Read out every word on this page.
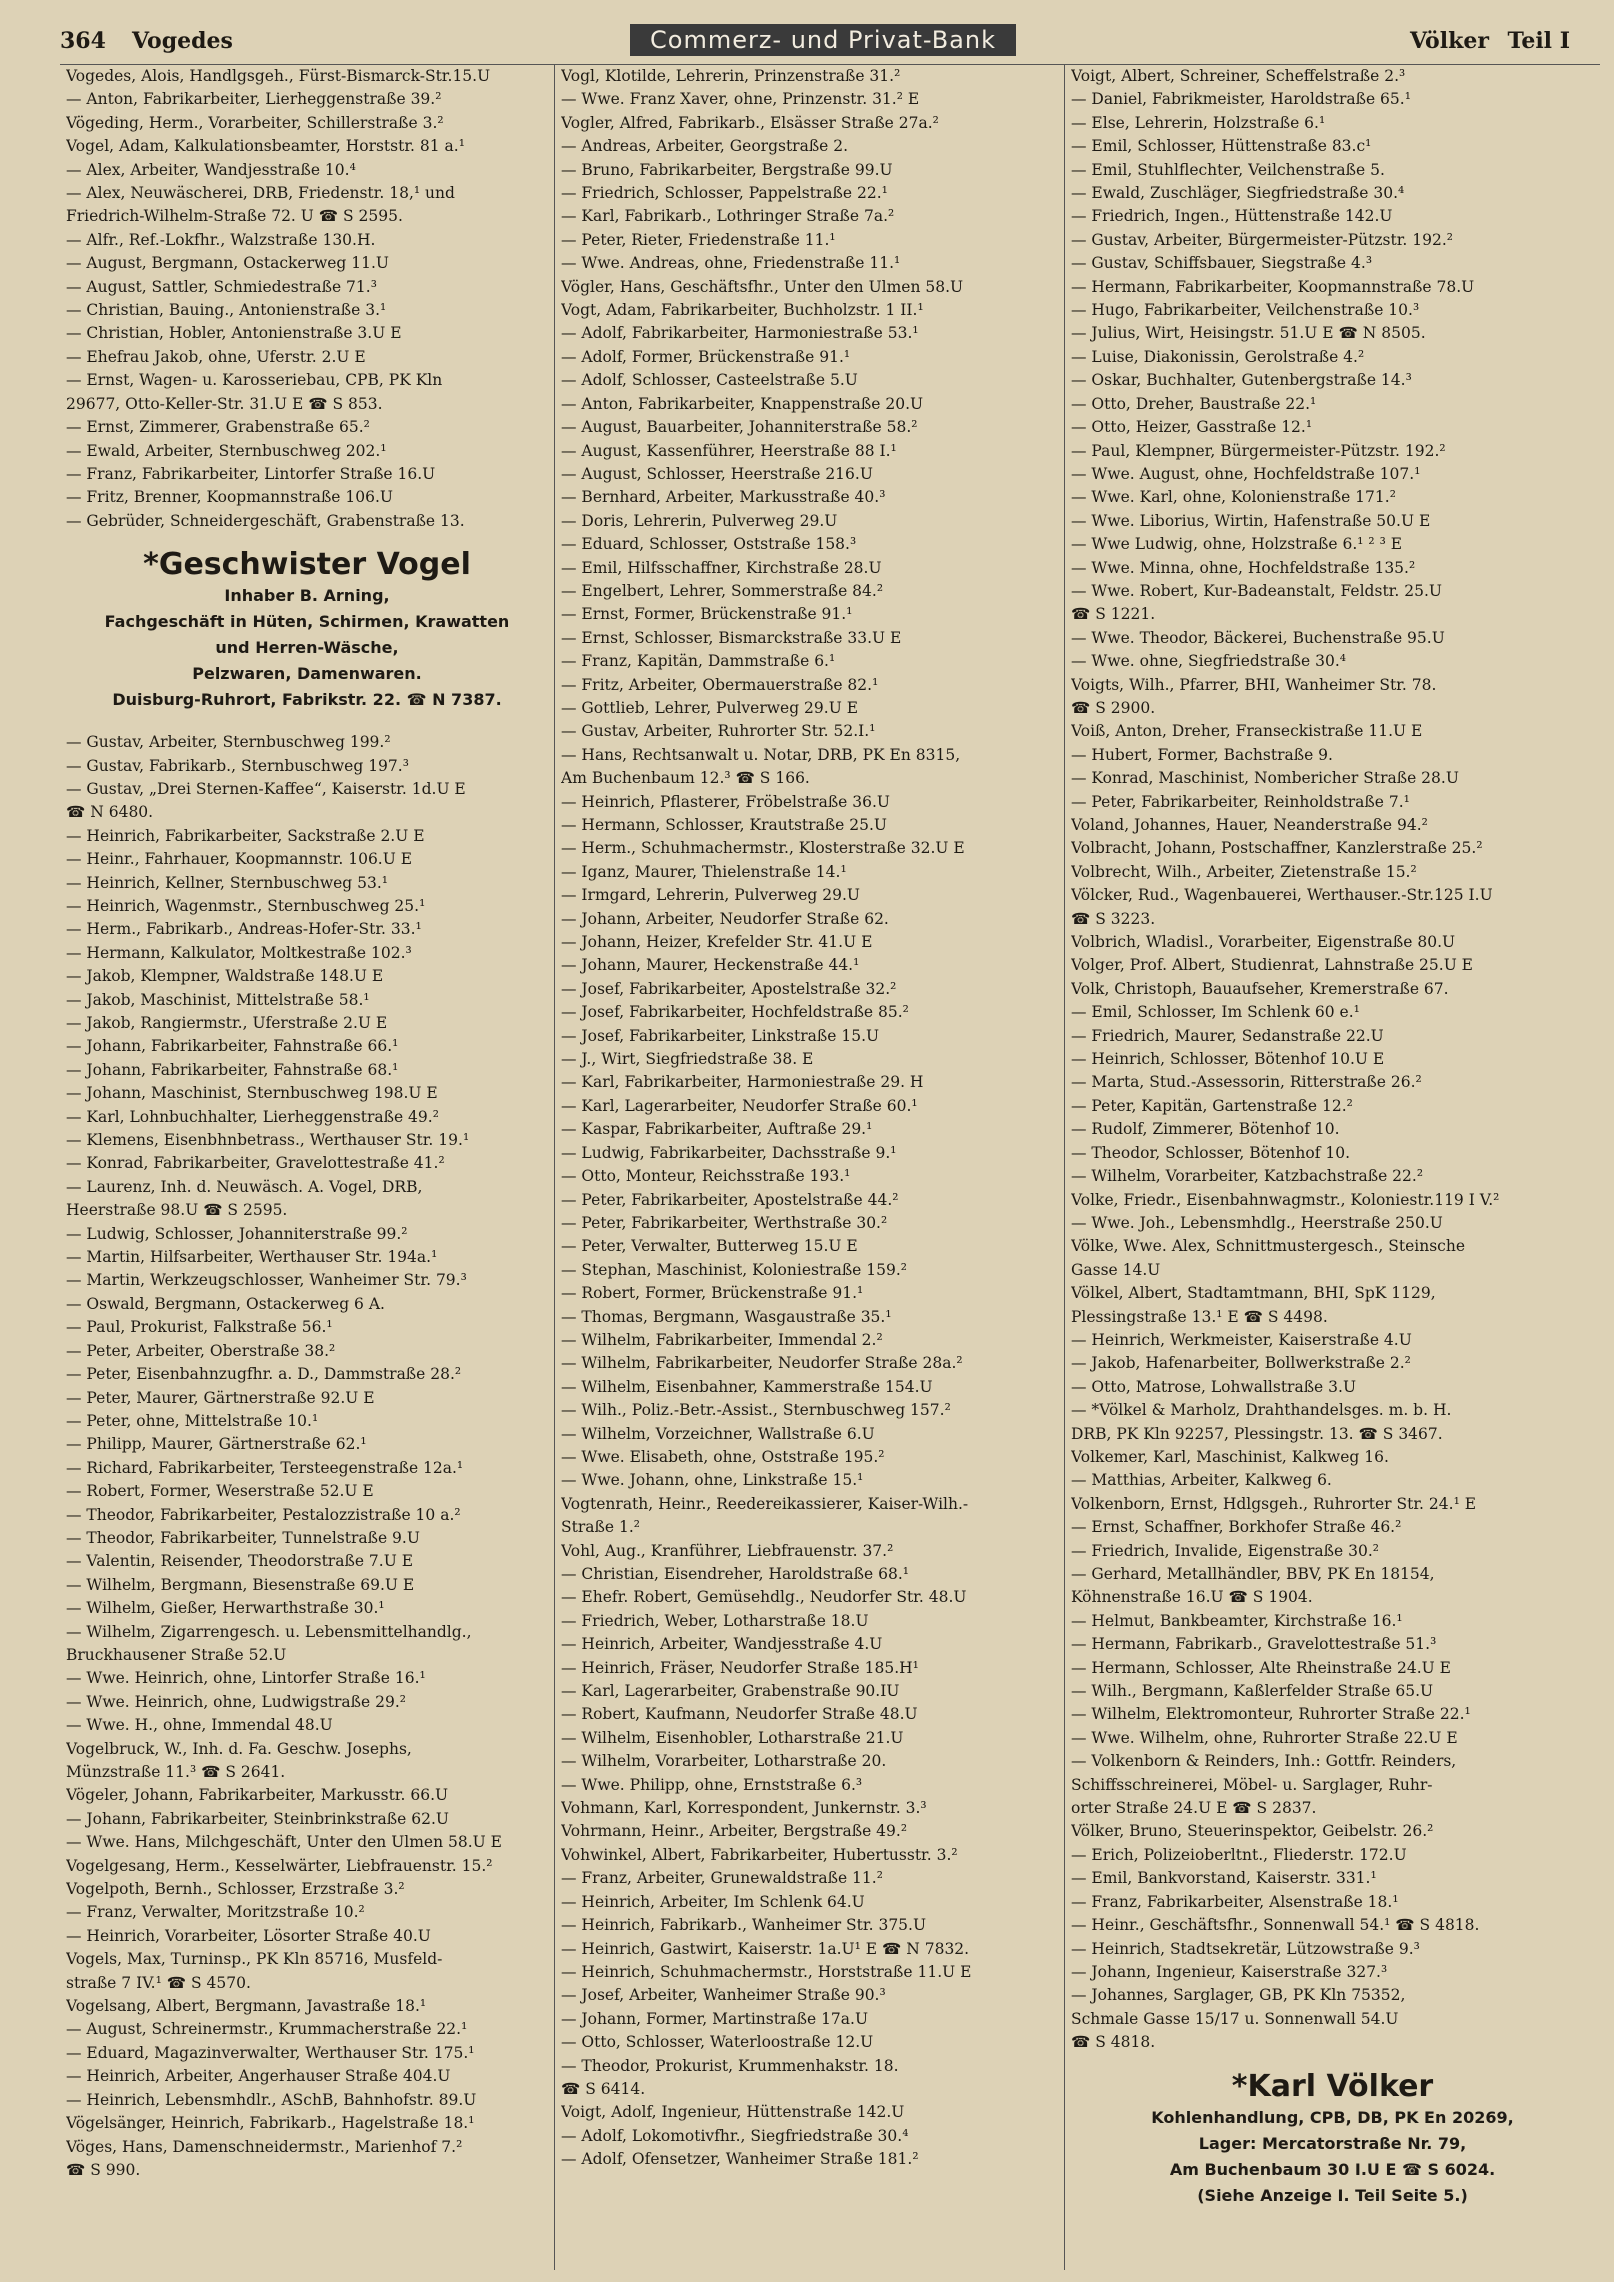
364 Vogedes	Commerz- und Privat-Bank	Völker Teil I
Vogedes, Alois, Handlgsgeh., Fürst-Bismarck-Str.15.U
— Anton, Fabrikarbeiter, Lierheggenstraße 39.²
Vögeding, Herm., Vorarbeiter, Schillerstraße 3.²
Vogel, Adam, Kalkulationsbeamter, Horststr. 81 a.¹
— Alex, Arbeiter, Wandjesstraße 10.⁴
— Alex, Neuwäscherei, DRB, Friedenstr. 18,¹ und
Friedrich-Wilhelm-Straße 72. U ☎ S 2595.
— Alfr., Ref.-Lokfhr., Walzstraße 130.H.
— August, Bergmann, Ostackerweg 11.U
— August, Sattler, Schmiedestraße 71.³
— Christian, Bauing., Antonienstraße 3.¹
— Christian, Hobler, Antonienstraße 3.U E
— Ehefrau Jakob, ohne, Uferstr. 2.U E
— Ernst, Wagen- u. Karosseriebau, CPB, PK Kln
29677, Otto-Keller-Str. 31.U E ☎ S 853.
— Ernst, Zimmerer, Grabenstraße 65.²
— Ewald, Arbeiter, Sternbuschweg 202.¹
— Franz, Fabrikarbeiter, Lintorfer Straße 16.U
— Fritz, Brenner, Koopmannstraße 106.U
— Gebrüder, Schneidergeschäft, Grabenstraße 13.
*Geschwister Vogel
Inhaber B. Arning,
Fachgeschäft in Hüten, Schirmen, Krawatten
und Herren-Wäsche,
Pelzwaren, Damenwaren.
Duisburg-Ruhrort, Fabrikstr. 22. ☎ N 7387.
— Gustav, Arbeiter, Sternbuschweg 199.²
— Gustav, Fabrikarb., Sternbuschweg 197.³
— Gustav, „Drei Sternen-Kaffee“, Kaiserstr. 1d.U E
☎ N 6480.
— Heinrich, Fabrikarbeiter, Sackstraße 2.U E
— Heinr., Fahrhauer, Koopmannstr. 106.U E
— Heinrich, Kellner, Sternbuschweg 53.¹
— Heinrich, Wagenmstr., Sternbuschweg 25.¹
— Herm., Fabrikarb., Andreas-Hofer-Str. 33.¹
— Hermann, Kalkulator, Moltkestraße 102.³
— Jakob, Klempner, Waldstraße 148.U E
— Jakob, Maschinist, Mittelstraße 58.¹
— Jakob, Rangiermstr., Uferstraße 2.U E
— Johann, Fabrikarbeiter, Fahnstraße 66.¹
— Johann, Fabrikarbeiter, Fahnstraße 68.¹
— Johann, Maschinist, Sternbuschweg 198.U E
— Karl, Lohnbuchhalter, Lierheggenstraße 49.²
— Klemens, Eisenbhnbetrass., Werthauser Str. 19.¹
— Konrad, Fabrikarbeiter, Gravelottestraße 41.²
— Laurenz, Inh. d. Neuwäsch. A. Vogel, DRB,
Heerstraße 98.U ☎ S 2595.
— Ludwig, Schlosser, Johanniterstraße 99.²
— Martin, Hilfsarbeiter, Werthauser Str. 194a.¹
— Martin, Werkzeugschlosser, Wanheimer Str. 79.³
— Oswald, Bergmann, Ostackerweg 6 A.
— Paul, Prokurist, Falkstraße 56.¹
— Peter, Arbeiter, Oberstraße 38.²
— Peter, Eisenbahnzugfhr. a. D., Dammstraße 28.²
— Peter, Maurer, Gärtnerstraße 92.U E
— Peter, ohne, Mittelstraße 10.¹
— Philipp, Maurer, Gärtnerstraße 62.¹
— Richard, Fabrikarbeiter, Tersteegenstraße 12a.¹
— Robert, Former, Weserstraße 52.U E
— Theodor, Fabrikarbeiter, Pestalozzistraße 10 a.²
— Theodor, Fabrikarbeiter, Tunnelstraße 9.U
— Valentin, Reisender, Theodorstraße 7.U E
— Wilhelm, Bergmann, Biesenstraße 69.U E
— Wilhelm, Gießer, Herwarthstraße 30.¹
— Wilhelm, Zigarrengesch. u. Lebensmittelhandlg.,
Bruckhausener Straße 52.U
— Wwe. Heinrich, ohne, Lintorfer Straße 16.¹
— Wwe. Heinrich, ohne, Ludwigstraße 29.²
— Wwe. H., ohne, Immendal 48.U
Vogelbruck, W., Inh. d. Fa. Geschw. Josephs,
Münzstraße 11.³ ☎ S 2641.
Vögeler, Johann, Fabrikarbeiter, Markusstr. 66.U
— Johann, Fabrikarbeiter, Steinbrinkstraße 62.U
— Wwe. Hans, Milchgeschäft, Unter den Ulmen 58.U E
Vogelgesang, Herm., Kesselwärter, Liebfrauenstr. 15.²
Vogelpoth, Bernh., Schlosser, Erzstraße 3.²
— Franz, Verwalter, Moritzstraße 10.²
— Heinrich, Vorarbeiter, Lösorter Straße 40.U
Vogels, Max, Turninsp., PK Kln 85716, Musfeld-
straße 7 IV.¹ ☎ S 4570.
Vogelsang, Albert, Bergmann, Javastraße 18.¹
— August, Schreinermstr., Krummacherstraße 22.¹
— Eduard, Magazinverwalter, Werthauser Str. 175.¹
— Heinrich, Arbeiter, Angerhauser Straße 404.U
— Heinrich, Lebensmhdlr., ASchB, Bahnhofstr. 89.U
Vögelsänger, Heinrich, Fabrikarb., Hagelstraße 18.¹
Vöges, Hans, Damenschneidermstr., Marienhof 7.²
☎ S 990.
Vogl, Klotilde, Lehrerin, Prinzenstraße 31.²
— Wwe. Franz Xaver, ohne, Prinzenstr. 31.² E
Vogler, Alfred, Fabrikarb., Elsässer Straße 27a.²
— Andreas, Arbeiter, Georgstraße 2.
— Bruno, Fabrikarbeiter, Bergstraße 99.U
— Friedrich, Schlosser, Pappelstraße 22.¹
— Karl, Fabrikarb., Lothringer Straße 7a.²
— Peter, Rieter, Friedenstraße 11.¹
— Wwe. Andreas, ohne, Friedenstraße 11.¹
Vögler, Hans, Geschäftsfhr., Unter den Ulmen 58.U
Vogt, Adam, Fabrikarbeiter, Buchholzstr. 1 II.¹
— Adolf, Fabrikarbeiter, Harmoniestraße 53.¹
— Adolf, Former, Brückenstraße 91.¹
— Adolf, Schlosser, Casteelstraße 5.U
— Anton, Fabrikarbeiter, Knappenstraße 20.U
— August, Bauarbeiter, Johanniterstraße 58.²
— August, Kassenführer, Heerstraße 88 I.¹
— August, Schlosser, Heerstraße 216.U
— Bernhard, Arbeiter, Markusstraße 40.³
— Doris, Lehrerin, Pulverweg 29.U
— Eduard, Schlosser, Oststraße 158.³
— Emil, Hilfsschaffner, Kirchstraße 28.U
— Engelbert, Lehrer, Sommerstraße 84.²
— Ernst, Former, Brückenstraße 91.¹
— Ernst, Schlosser, Bismarckstraße 33.U E
— Franz, Kapitän, Dammstraße 6.¹
— Fritz, Arbeiter, Obermauerstraße 82.¹
— Gottlieb, Lehrer, Pulverweg 29.U E
— Gustav, Arbeiter, Ruhrorter Str. 52.I.¹
— Hans, Rechtsanwalt u. Notar, DRB, PK En 8315,
Am Buchenbaum 12.³ ☎ S 166.
— Heinrich, Pflasterer, Fröbelstraße 36.U
— Hermann, Schlosser, Krautstraße 25.U
— Herm., Schuhmachermstr., Klosterstraße 32.U E
— Iganz, Maurer, Thielenstraße 14.¹
— Irmgard, Lehrerin, Pulverweg 29.U
— Johann, Arbeiter, Neudorfer Straße 62.
— Johann, Heizer, Krefelder Str. 41.U E
— Johann, Maurer, Heckenstraße 44.¹
— Josef, Fabrikarbeiter, Apostelstraße 32.²
— Josef, Fabrikarbeiter, Hochfeldstraße 85.²
— Josef, Fabrikarbeiter, Linkstraße 15.U
— J., Wirt, Siegfriedstraße 38. E
— Karl, Fabrikarbeiter, Harmoniestraße 29. H
— Karl, Lagerarbeiter, Neudorfer Straße 60.¹
— Kaspar, Fabrikarbeiter, Auftraße 29.¹
— Ludwig, Fabrikarbeiter, Dachsstraße 9.¹
— Otto, Monteur, Reichsstraße 193.¹
— Peter, Fabrikarbeiter, Apostelstraße 44.²
— Peter, Fabrikarbeiter, Werthstraße 30.²
— Peter, Verwalter, Butterweg 15.U E
— Stephan, Maschinist, Koloniestraße 159.²
— Robert, Former, Brückenstraße 91.¹
— Thomas, Bergmann, Wasgaustraße 35.¹
— Wilhelm, Fabrikarbeiter, Immendal 2.²
— Wilhelm, Fabrikarbeiter, Neudorfer Straße 28a.²
— Wilhelm, Eisenbahner, Kammerstraße 154.U
— Wilh., Poliz.-Betr.-Assist., Sternbuschweg 157.²
— Wilhelm, Vorzeichner, Wallstraße 6.U
— Wwe. Elisabeth, ohne, Oststraße 195.²
— Wwe. Johann, ohne, Linkstraße 15.¹
Vogtenrath, Heinr., Reedereikassierer, Kaiser-Wilh.-
Straße 1.²
Vohl, Aug., Kranführer, Liebfrauenstr. 37.²
— Christian, Eisendreher, Haroldstraße 68.¹
— Ehefr. Robert, Gemüsehdlg., Neudorfer Str. 48.U
— Friedrich, Weber, Lotharstraße 18.U
— Heinrich, Arbeiter, Wandjesstraße 4.U
— Heinrich, Fräser, Neudorfer Straße 185.H¹
— Karl, Lagerarbeiter, Grabenstraße 90.IU
— Robert, Kaufmann, Neudorfer Straße 48.U
— Wilhelm, Eisenhobler, Lotharstraße 21.U
— Wilhelm, Vorarbeiter, Lotharstraße 20.
— Wwe. Philipp, ohne, Ernststraße 6.³
Vohmann, Karl, Korrespondent, Junkernstr. 3.³
Vohrmann, Heinr., Arbeiter, Bergstraße 49.²
Vohwinkel, Albert, Fabrikarbeiter, Hubertusstr. 3.²
— Franz, Arbeiter, Grunewaldstraße 11.²
— Heinrich, Arbeiter, Im Schlenk 64.U
— Heinrich, Fabrikarb., Wanheimer Str. 375.U
— Heinrich, Gastwirt, Kaiserstr. 1a.U¹ E ☎ N 7832.
— Heinrich, Schuhmachermstr., Horststraße 11.U E
— Josef, Arbeiter, Wanheimer Straße 90.³
— Johann, Former, Martinstraße 17a.U
— Otto, Schlosser, Waterloostraße 12.U
— Theodor, Prokurist, Krummenhakstr. 18.
☎ S 6414.
Voigt, Adolf, Ingenieur, Hüttenstraße 142.U
— Adolf, Lokomotivfhr., Siegfriedstraße 30.⁴
— Adolf, Ofensetzer, Wanheimer Straße 181.²
Voigt, Albert, Schreiner, Scheffelstraße 2.³
— Daniel, Fabrikmeister, Haroldstraße 65.¹
— Else, Lehrerin, Holzstraße 6.¹
— Emil, Schlosser, Hüttenstraße 83.c¹
— Emil, Stuhlflechter, Veilchenstraße 5.
— Ewald, Zuschläger, Siegfriedstraße 30.⁴
— Friedrich, Ingen., Hüttenstraße 142.U
— Gustav, Arbeiter, Bürgermeister-Pützstr. 192.²
— Gustav, Schiffsbauer, Siegstraße 4.³
— Hermann, Fabrikarbeiter, Koopmannstraße 78.U
— Hugo, Fabrikarbeiter, Veilchenstraße 10.³
— Julius, Wirt, Heisingstr. 51.U E ☎ N 8505.
— Luise, Diakonissin, Gerolstraße 4.²
— Oskar, Buchhalter, Gutenbergstraße 14.³
— Otto, Dreher, Baustraße 22.¹
— Otto, Heizer, Gasstraße 12.¹
— Paul, Klempner, Bürgermeister-Pützstr. 192.²
— Wwe. August, ohne, Hochfeldstraße 107.¹
— Wwe. Karl, ohne, Kolonienstraße 171.²
— Wwe. Liborius, Wirtin, Hafenstraße 50.U E
— Wwe Ludwig, ohne, Holzstraße 6.¹ ² ³ E
— Wwe. Minna, ohne, Hochfeldstraße 135.²
— Wwe. Robert, Kur-Badeanstalt, Feldstr. 25.U
☎ S 1221.
— Wwe. Theodor, Bäckerei, Buchenstraße 95.U
— Wwe. ohne, Siegfriedstraße 30.⁴
Voigts, Wilh., Pfarrer, BHI, Wanheimer Str. 78.
☎ S 2900.
Voiß, Anton, Dreher, Franseckistraße 11.U E
— Hubert, Former, Bachstraße 9.
— Konrad, Maschinist, Nombericher Straße 28.U
— Peter, Fabrikarbeiter, Reinholdstraße 7.¹
Voland, Johannes, Hauer, Neanderstraße 94.²
Volbracht, Johann, Postschaffner, Kanzlerstraße 25.²
Volbrecht, Wilh., Arbeiter, Zietenstraße 15.²
Völcker, Rud., Wagenbauerei, Werthauser.-Str.125 I.U
☎ S 3223.
Volbrich, Wladisl., Vorarbeiter, Eigenstraße 80.U
Volger, Prof. Albert, Studienrat, Lahnstraße 25.U E
Volk, Christoph, Bauaufseher, Kremerstraße 67.
— Emil, Schlosser, Im Schlenk 60 e.¹
— Friedrich, Maurer, Sedanstraße 22.U
— Heinrich, Schlosser, Bötenhof 10.U E
— Marta, Stud.-Assessorin, Ritterstraße 26.²
— Peter, Kapitän, Gartenstraße 12.²
— Rudolf, Zimmerer, Bötenhof 10.
— Theodor, Schlosser, Bötenhof 10.
— Wilhelm, Vorarbeiter, Katzbachstraße 22.²
Volke, Friedr., Eisenbahnwagmstr., Koloniestr.119 I V.²
— Wwe. Joh., Lebensmhdlg., Heerstraße 250.U
Völke, Wwe. Alex, Schnittmustergesch., Steinsche
Gasse 14.U
Völkel, Albert, Stadtamtmann, BHI, SpK 1129,
Plessingstraße 13.¹ E ☎ S 4498.
— Heinrich, Werkmeister, Kaiserstraße 4.U
— Jakob, Hafenarbeiter, Bollwerkstraße 2.²
— Otto, Matrose, Lohwallstraße 3.U
— *Völkel & Marholz, Drahthandelsges. m. b. H.
DRB, PK Kln 92257, Plessingstr. 13. ☎ S 3467.
Volkemer, Karl, Maschinist, Kalkweg 16.
— Matthias, Arbeiter, Kalkweg 6.
Volkenborn, Ernst, Hdlgsgeh., Ruhrorter Str. 24.¹ E
— Ernst, Schaffner, Borkhofer Straße 46.²
— Friedrich, Invalide, Eigenstraße 30.²
— Gerhard, Metallhändler, BBV, PK En 18154,
Köhnenstraße 16.U ☎ S 1904.
— Helmut, Bankbeamter, Kirchstraße 16.¹
— Hermann, Fabrikarb., Gravelottestraße 51.³
— Hermann, Schlosser, Alte Rheinstraße 24.U E
— Wilh., Bergmann, Kaßlerfelder Straße 65.U
— Wilhelm, Elektromonteur, Ruhrorter Straße 22.¹
— Wwe. Wilhelm, ohne, Ruhrorter Straße 22.U E
— Volkenborn & Reinders, Inh.: Gottfr. Reinders,
Schiffsschreinerei, Möbel- u. Sarglager, Ruhr-
orter Straße 24.U E ☎ S 2837.
Völker, Bruno, Steuerinspektor, Geibelstr. 26.²
— Erich, Polizeioberltnt., Fliederstr. 172.U
— Emil, Bankvorstand, Kaiserstr. 331.¹
— Franz, Fabrikarbeiter, Alsenstraße 18.¹
— Heinr., Geschäftsfhr., Sonnenwall 54.¹ ☎ S 4818.
— Heinrich, Stadtsekretär, Lützowstraße 9.³
— Johann, Ingenieur, Kaiserstraße 327.³
— Johannes, Sarglager, GB, PK Kln 75352,
Schmale Gasse 15/17 u. Sonnenwall 54.U
☎ S 4818.
*Karl Völker
Kohlenhandlung, CPB, DB, PK En 20269,
Lager: Mercatorstraße Nr. 79,
Am Buchenbaum 30 I.U E ☎ S 6024.
(Siehe Anzeige I. Teil Seite 5.)
